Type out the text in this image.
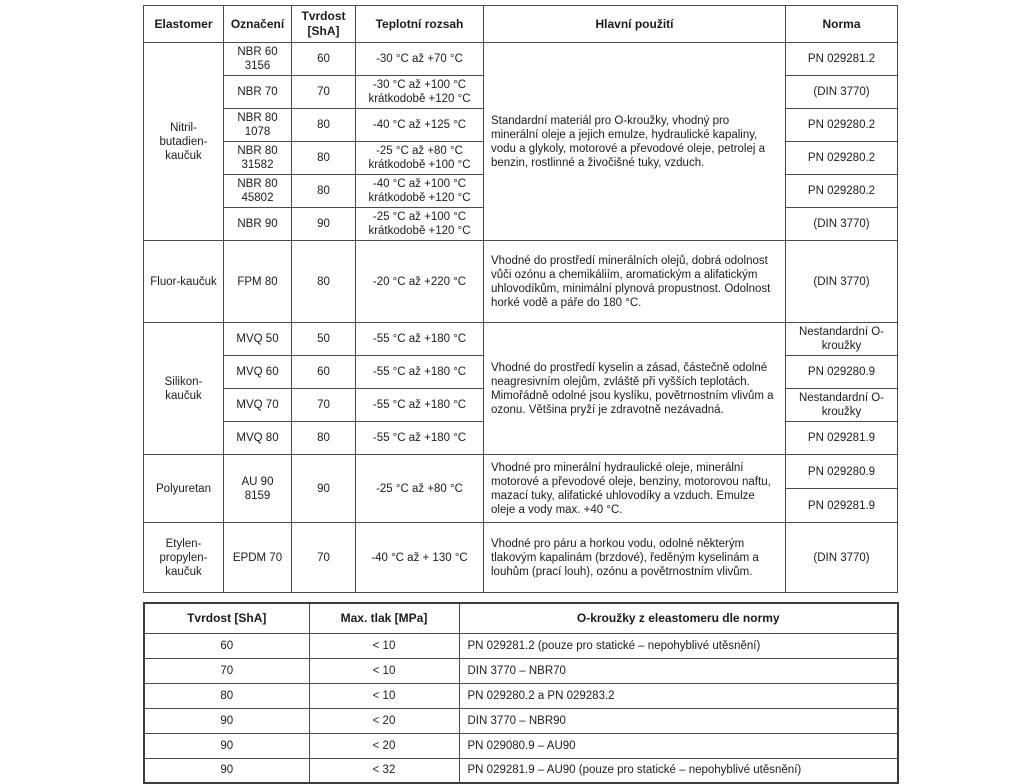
Elastomer	Označení	Tvrdost [ShA]	Teplotní rozsah	Hlavní použití	Norma
Nitril-butadien-kaučuk	NBR 60 3156	60	-30 °C až +70 °C	Standardní materiál pro O-kroužky, vhodný pro minerální oleje a jejich emulze, hydraulické kapaliny, vodu a glykoly, motorové a převodové oleje, petrolej a benzin, rostlinné a živočišné tuky, vzduch.	PN 029281.2
	NBR 70	70	-30 °C až +100 °C krátkodobě +120 °C		(DIN 3770)
	NBR 80 1078	80	-40 °C až +125 °C		PN 029280.2
	NBR 80 31582	80	-25 °C až +80 °C krátkodobě +100 °C		PN 029280.2
	NBR 80 45802	80	-40 °C až +100 °C krátkodobě +120 °C		PN 029280.2
	NBR 90	90	-25 °C až +100 °C krátkodobě +120 °C		(DIN 3770)
Fluor-kaučuk	FPM 80	80	-20 °C až +220 °C	Vhodné do prostředí minerálních olejů, dobrá odolnost vůči ozónu a chemikáliím, aromatickým a alifatickým uhlovodíkům, minimální plynová propustnost. Odolnost horké vodě a páře do 180 °C.	(DIN 3770)
Silikon-kaučuk	MVQ 50	50	-55 °C až +180 °C	Vhodné do prostředí kyselin a zásad, částečně odolné neagresivním olejům, zvláště při vyšších teplotách. Mimořádně odolné jsou kyslíku, povětrnostním vlivům a ozonu. Většina pryží je zdravotně nezávadná.	Nestandardní O-kroužky
	MVQ 60	60	-55 °C až +180 °C		PN 029280.9
	MVQ 70	70	-55 °C až +180 °C		Nestandardní O-kroužky
	MVQ 80	80	-55 °C až +180 °C		PN 029281.9
Polyuretan	AU 90 8159	90	-25 °C až +80 °C	Vhodné pro minerální hydraulické oleje, minerální motorové a převodové oleje, benziny, motorovou naftu, mazací tuky, alifatické uhlovodíky a vzduch. Emulze oleje a vody max. +40 °C.	PN 029280.9
					PN 029281.9
Etylen-propylen-kaučuk	EPDM 70	70	-40 °C až + 130 °C	Vhodné pro páru a horkou vodu, odolné některým tlakovým kapalinám (brzdové), ředěným kyselinám a louhům (prací louh), ozónu a povětrnostním vlivům.	(DIN 3770)
Tvrdost [ShA]	Max. tlak [MPa]	O-kroužky z eleastomeru dle normy
60	< 10	PN 029281.2 (pouze pro statické – nepohyblivé utěsnění)
70	< 10	DIN 3770 – NBR70
80	< 10	PN 029280.2 a PN 029283.2
90	< 20	DIN 3770 – NBR90
90	< 20	PN 029080.9 – AU90
90	< 32	PN 029281.9 – AU90 (pouze pro statické – nepohyblivé utěsnění)
